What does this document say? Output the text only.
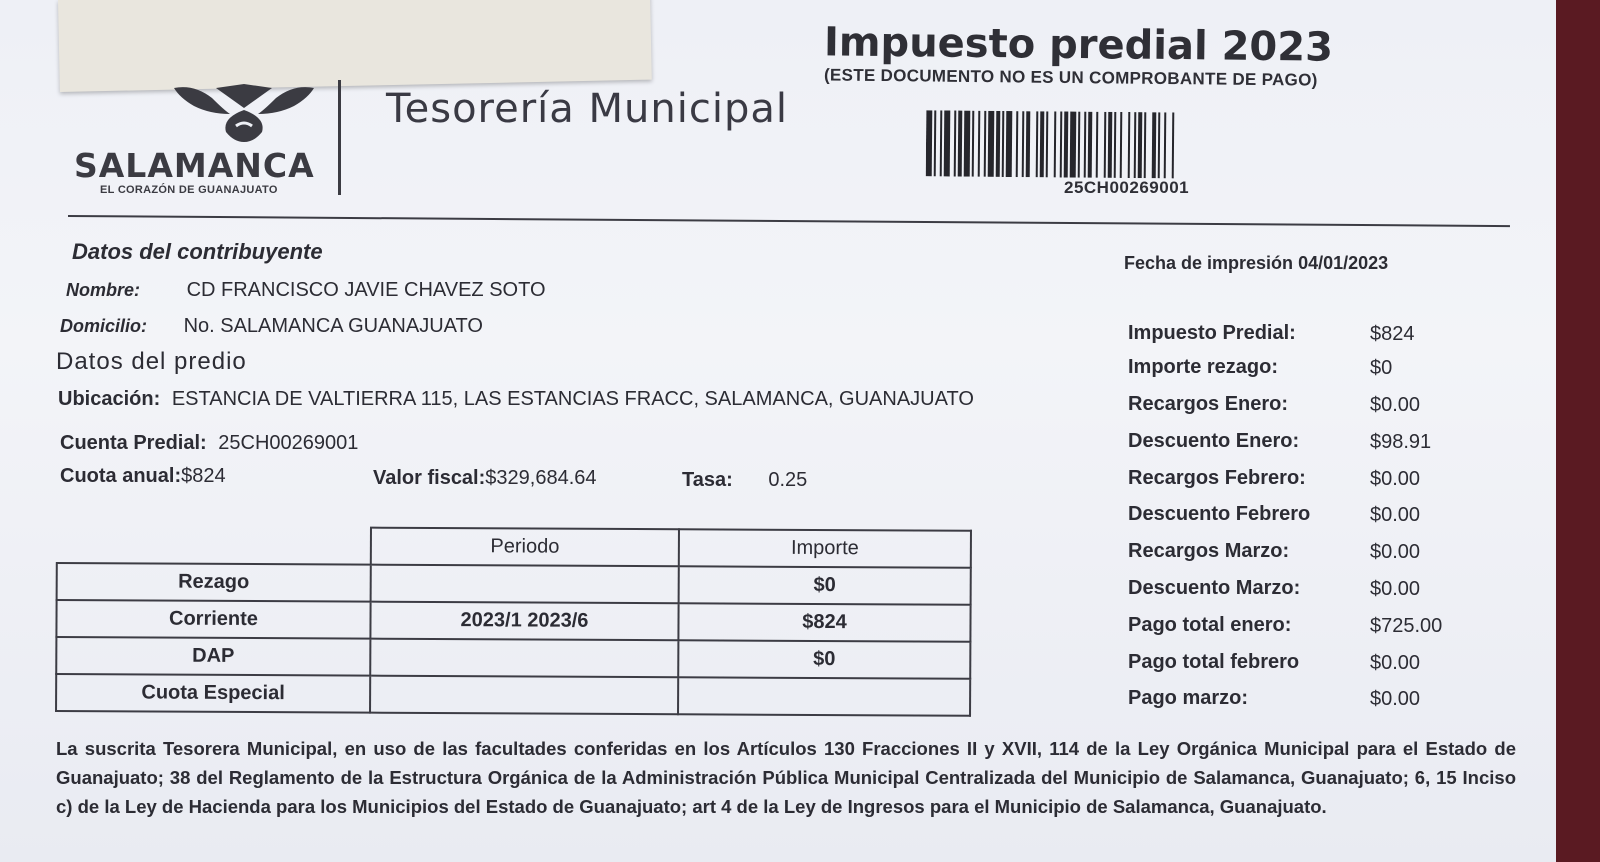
SALAMANCA
EL CORAZÓN DE GUANAJUATO
Tesorería Municipal
Impuesto predial 2023
(ESTE DOCUMENTO NO ES UN COMPROBANTE DE PAGO)
25CH00269001
Datos del contribuyente	Fecha de impresión 04/01/2023
Nombre: CD FRANCISCO JAVIE CHAVEZ SOTO
Domicilio: No. SALAMANCA GUANAJUATO
Datos del predio
Ubicación: ESTANCIA DE VALTIERRA 115, LAS ESTANCIAS FRACC, SALAMANCA, GUANAJUATO
Cuenta Predial: 25CH00269001
Cuota anual:$824	Valor fiscal:$329,684.64	Tasa: 0.25
Impuesto Predial:	$824
Importe rezago:	$0
Recargos Enero:	$0.00
Descuento Enero:	$98.91
Recargos Febrero:	$0.00
Descuento Febrero	$0.00
Recargos Marzo:	$0.00
Descuento Marzo:	$0.00
Pago total enero:	$725.00
Pago total febrero	$0.00
Pago marzo:	$0.00
	Periodo	Importe
Rezago		$0
Corriente	2023/1 2023/6	$824
DAP		$0
Cuota Especial		
La suscrita Tesorera Municipal, en uso de las facultades conferidas en los Artículos 130 Fracciones II y XVII, 114 de la Ley Orgánica Municipal para el Estado de Guanajuato; 38 del Reglamento de la Estructura Orgánica de la Administración Pública Municipal Centralizada del Municipio de Salamanca, Guanajuato; 6, 15 Inciso c) de la Ley de Hacienda para los Municipios del Estado de Guanajuato; art 4 de la Ley de Ingresos para el Municipio de Salamanca, Guanajuato.
